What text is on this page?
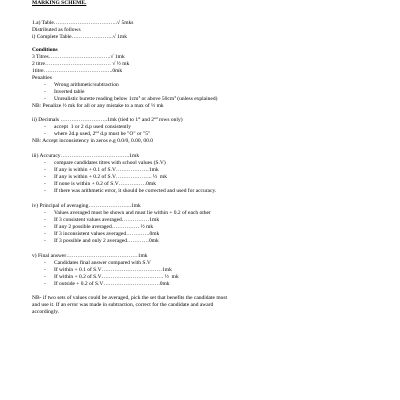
MARKING SCHEME.
1.a) Table……………………………..√ 5mks
Distributed as follows
i) Complete Table…………………..√ 1mk
Conditions
3 Titres…………………………….√ 1mk
2 titre……………………………… √ ½ mk
1titre………………………………..0mk
Penalties
- Wrong arithmetic/subtraction
- Inverted table
- Unrealistic burette reading below $1cm^3$ or above $50cm^3$ (unless explained)
NB: Penalize ½ mk for all or any mistake to a max of ½ mk
ii) Decimals ……………………..1mk (tied to 1st and 2nd rows only)
- accept  1 or 2 d.p used consistently
- where 2d.p used, 2nd d.p must be "O" or "5"
NB: Accept inconsistency in zeros e.g 0.0/0, 0.00, 00.0
iii) Accuracy………………………………..1mk
- compare candidates titres with school values (S.V)
- If any is within + 0.1 of S.V………………1mk
- If any is within + 0.2 of S.V……………….. ½  mk
- If none is within + 0.2 of S.V……………0mk
- If there was arithmetic error, it should be corrected and used for accuracy.
iv) Principal of averaging…………………...1mk
- Values averaged must be shown and must lie within + 0.2 of each other
- If 3 consistent values averaged……………1mk
- If any 2 possible averaged…………… ½ mk
- If 3 inconsistent values averaged………….0mk
- If 3 possible and only 2 averaged…………0mk
v) Final answer…………………………………1mk
- Candidates final answer compared with S.V
- If within + 0.1 of S.V……………………………1mk
- If within + 0.2 of S.V……………………………. ½  mk
- If outside + 0.2 of S.V………………………….0mk
NB- if two sets of values could be averaged, pick the set that benefits the candidate most
and use it. If an error was made in subtraction, correct for the candidate and award
accordingly.
